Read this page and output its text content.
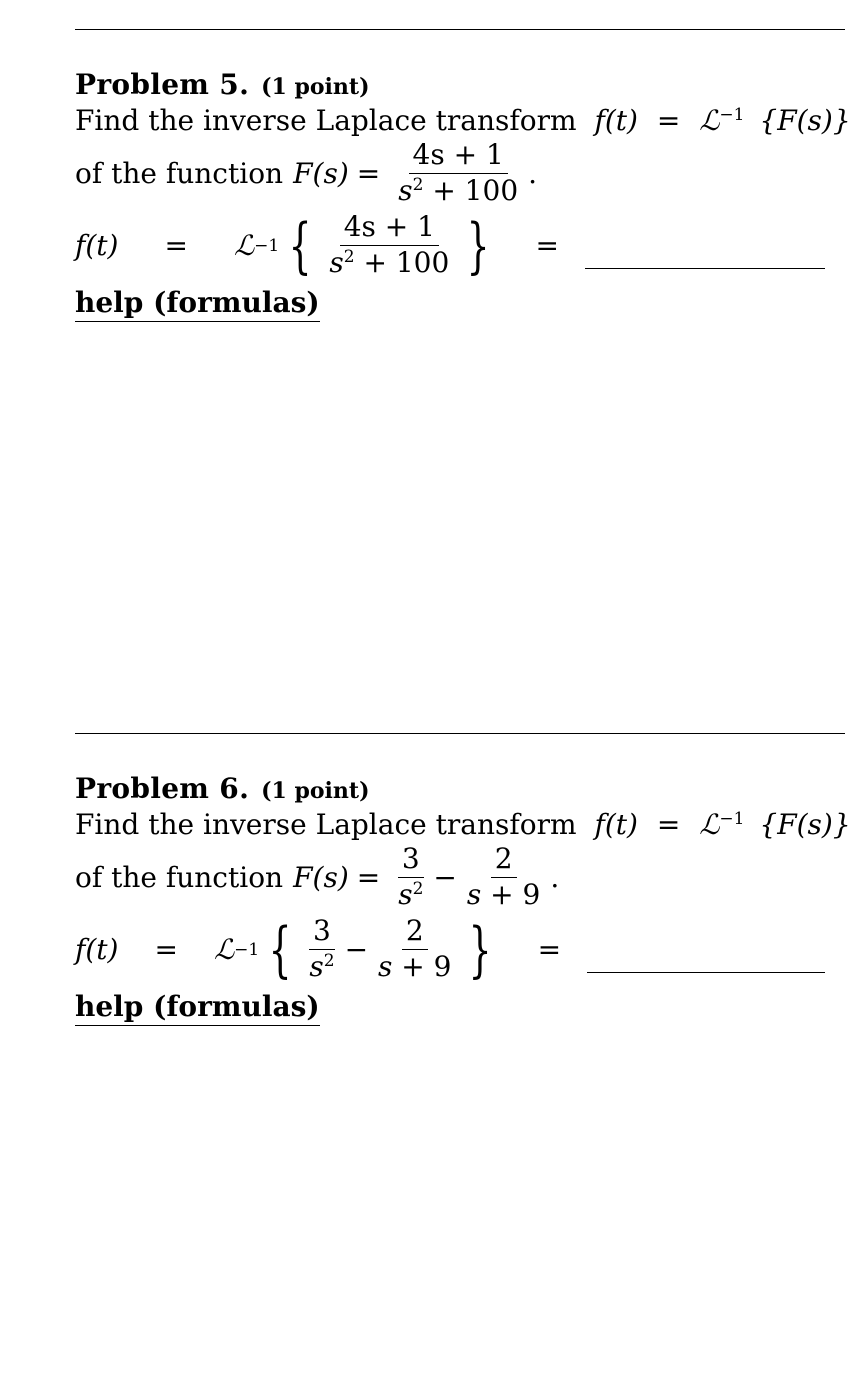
Problem 5. (1 point)
Find the inverse Laplace transform f(t) = ℒ$^{-1}$ {F(s)}
of the function $F(s) = \frac{4s + 1}{s^2 + 100}$ .
f(t) = ℒ −1 { $\frac{4s + 1}{s^2 + 100}$ } =
help (formulas)
Problem 6. (1 point)
Find the inverse Laplace transform f(t) = ℒ$^{-1}$ {F(s)}
of the function $F(s) = \frac{3}{s^2} - \frac{2}{s + 9}$ .
f(t) = ℒ −1 { $\frac{3}{s^2} - \frac{2}{s + 9}$ } =
help (formulas)
